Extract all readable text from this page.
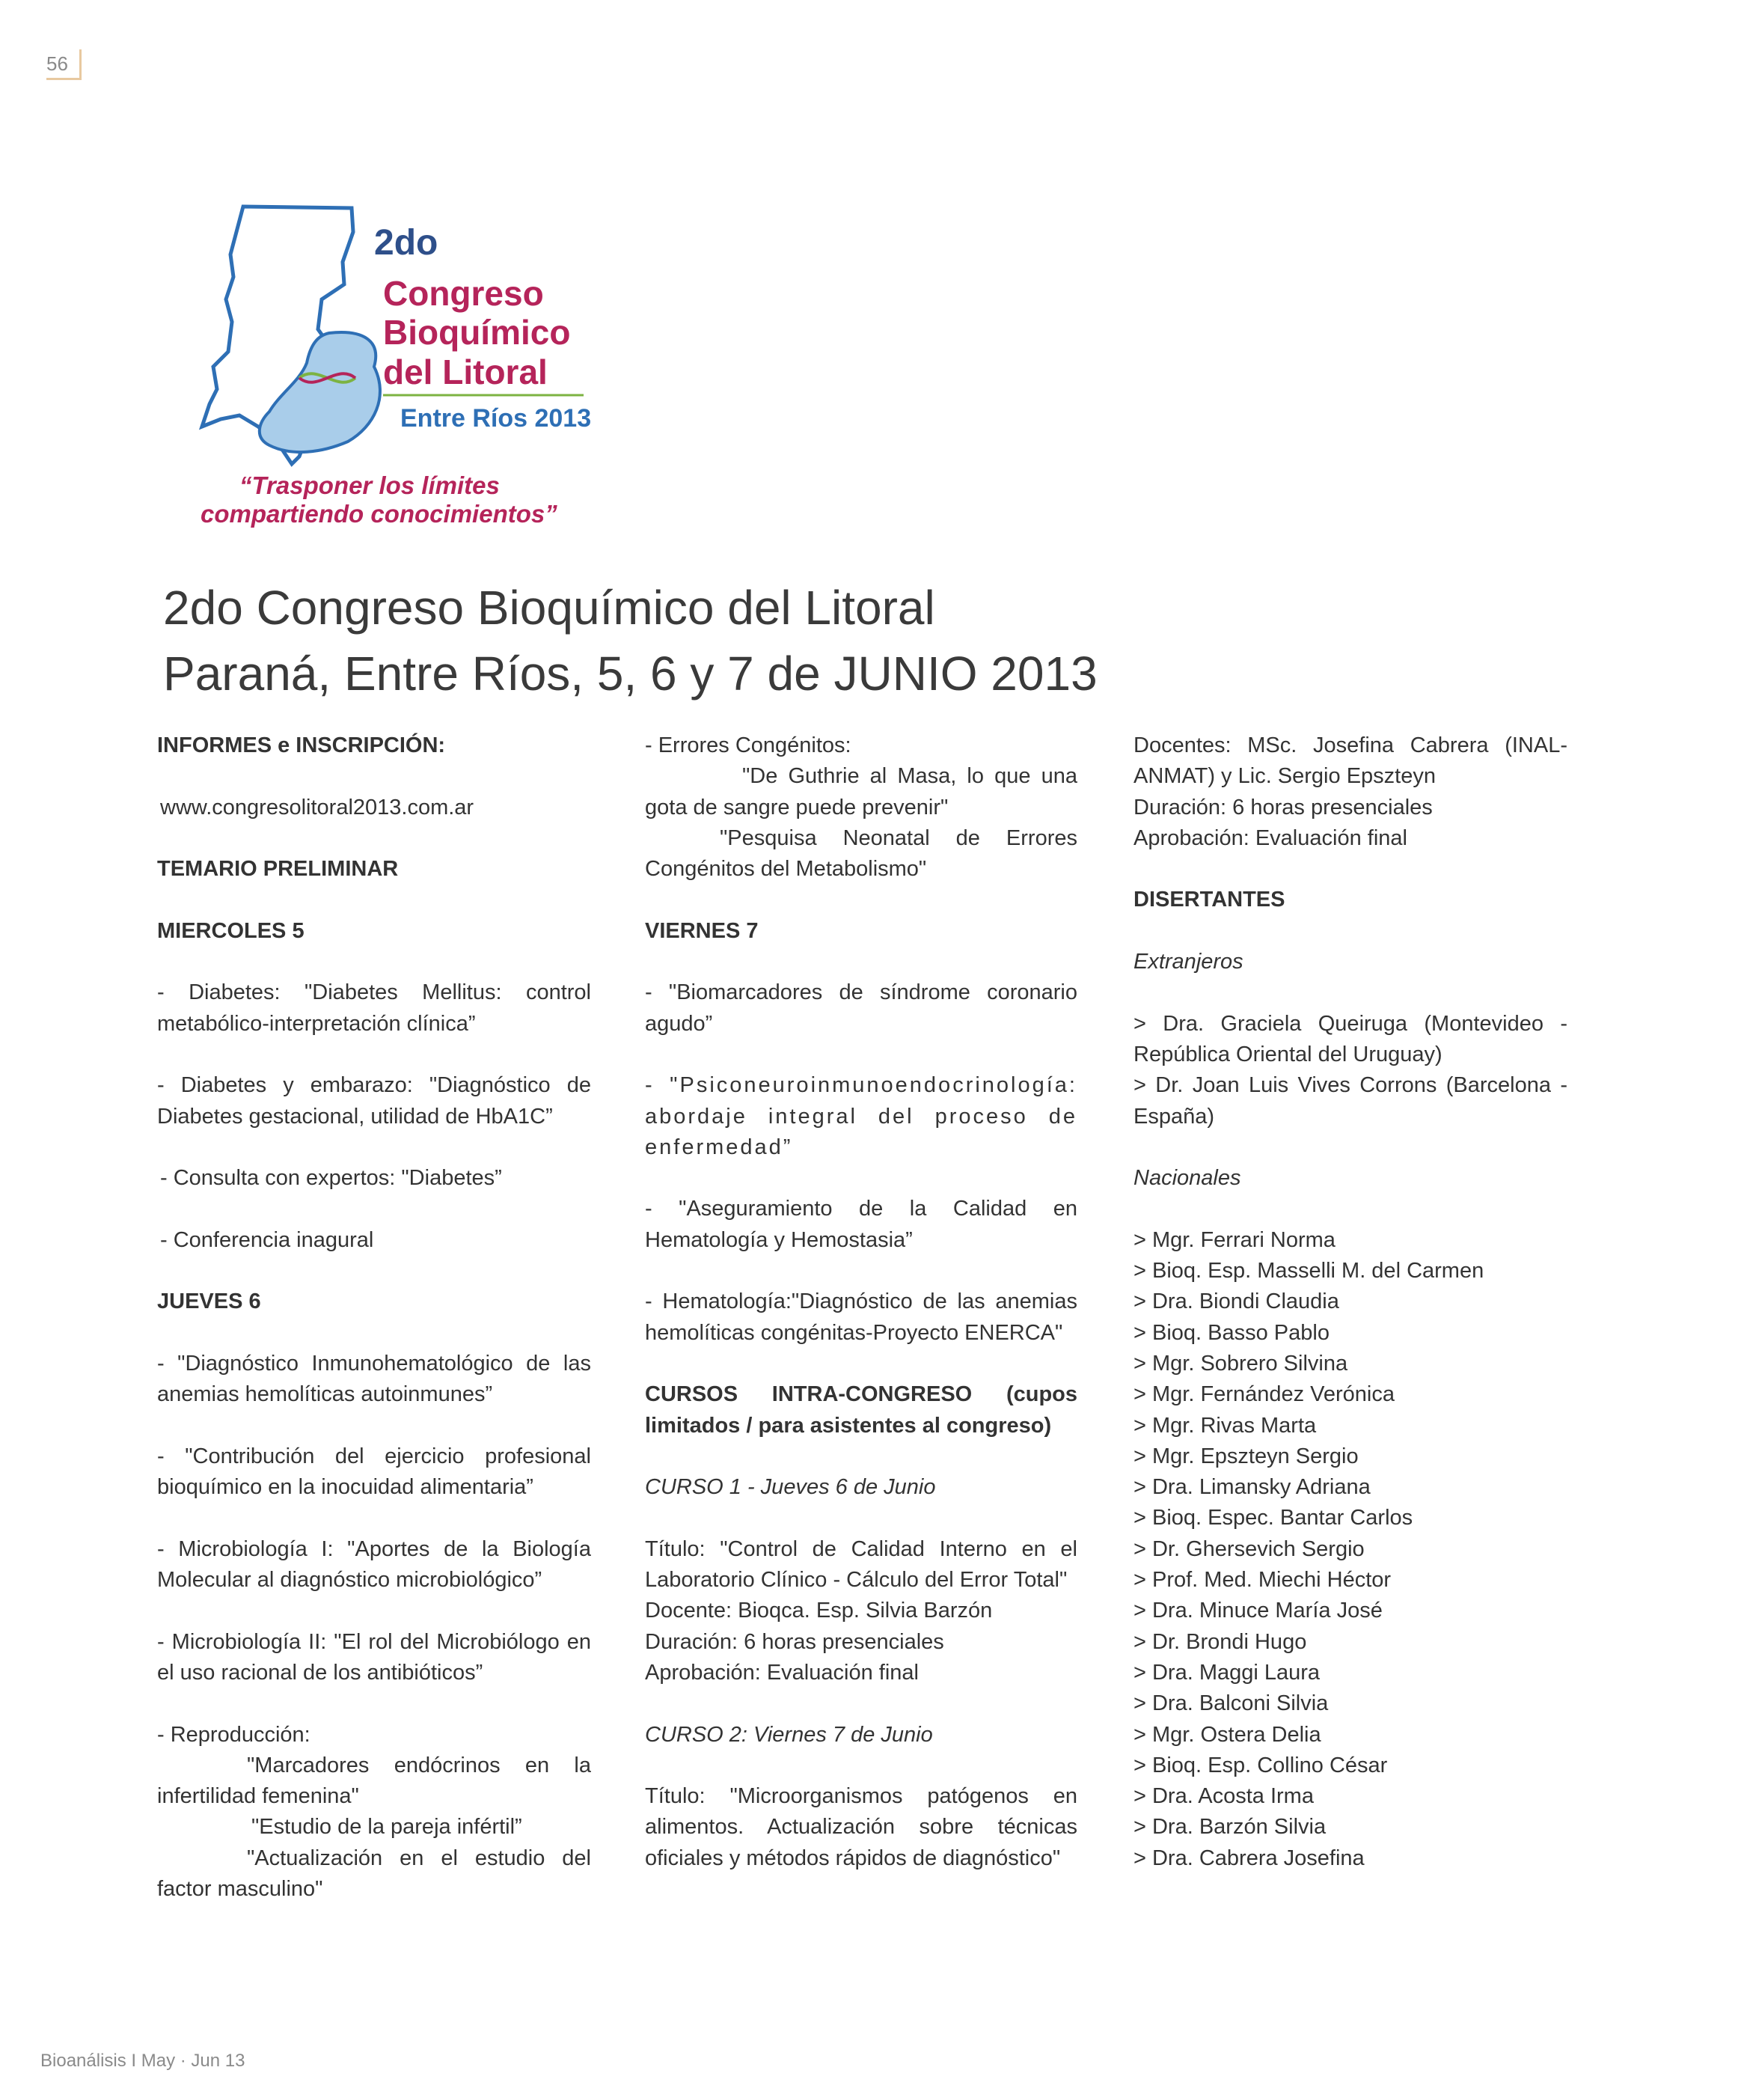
56
2do
Congreso
Bioquímico
del Litoral
Entre Ríos 2013
“Trasponer los límites
compartiendo conocimientos”
2do Congreso Bioquímico del Litoral
Paraná, Entre Ríos, 5, 6 y 7 de JUNIO 2013

INFORMES e INSCRIPCIÓN:

www.congresolitoral2013.com.ar

TEMARIO PRELIMINAR

MIERCOLES 5

- Diabetes: "Diabetes Mellitus: control metabólico-interpretación clínica”

- Diabetes y embarazo: "Diagnóstico de Diabetes gestacional, utilidad de HbA1C”

- Consulta con expertos: "Diabetes”

- Conferencia inagural

JUEVES 6

- "Diagnóstico Inmunohematológico de las anemias hemolíticas autoinmunes”

- "Contribución del ejercicio profesional bioquímico en la inocuidad alimentaria”

- Microbiología I: "Aportes de la Biología Molecular al diagnóstico microbiológico”

- Microbiología II: "El rol del Microbiólogo en el uso racional de los antibióticos”

- Reproducción:

"Marcadores endócrinos en la infertilidad femenina"

"Estudio de la pareja infértil”

"Actualización en el estudio del factor masculino"

- Errores Congénitos:

"De Guthrie al Masa, lo que una gota de sangre puede prevenir"

"Pesquisa Neonatal de Errores Congénitos del Metabolismo"

VIERNES 7

- "Biomarcadores de síndrome coronario agudo”

- "Psiconeuroinmunoendocrinología: abordaje integral del proceso de enfermedad”

- "Aseguramiento de la Calidad en Hematología y Hemostasia”

- Hematología:"Diagnóstico de las anemias hemolíticas congénitas-Proyecto ENERCA"

CURSOS INTRA-CONGRESO (cupos limitados / para asistentes al congreso)

CURSO 1 - Jueves 6 de Junio

Título: "Control de Calidad Interno en el Laboratorio Clínico - Cálculo del Error Total"

Docente: Bioqca. Esp. Silvia Barzón

Duración: 6 horas presenciales

Aprobación: Evaluación final

CURSO 2: Viernes 7 de Junio

Título: "Microorganismos patógenos en alimentos. Actualización sobre técnicas oficiales y métodos rápidos de diagnóstico"

Docentes: MSc. Josefina Cabrera (INAL-ANMAT) y Lic. Sergio Epszteyn

Duración: 6 horas presenciales

Aprobación: Evaluación final

DISERTANTES

Extranjeros

> Dra. Graciela Queiruga (Montevideo - República Oriental del Uruguay)

> Dr. Joan Luis Vives Corrons (Barcelona - España)

Nacionales

> Mgr. Ferrari Norma

> Bioq. Esp. Masselli M. del Carmen

> Dra. Biondi Claudia

> Bioq. Basso Pablo

> Mgr. Sobrero Silvina

> Mgr. Fernández Verónica

> Mgr. Rivas Marta

> Mgr. Epszteyn Sergio

> Dra. Limansky Adriana

> Bioq. Espec. Bantar Carlos

> Dr. Ghersevich Sergio

> Prof. Med. Miechi Héctor

> Dra. Minuce María José

> Dr. Brondi Hugo

> Dra. Maggi Laura

> Dra. Balconi Silvia

> Mgr. Ostera Delia

> Bioq. Esp. Collino César

> Dra. Acosta Irma

> Dra. Barzón Silvia

> Dra. Cabrera Josefina

Bioanálisis I May · Jun 13
